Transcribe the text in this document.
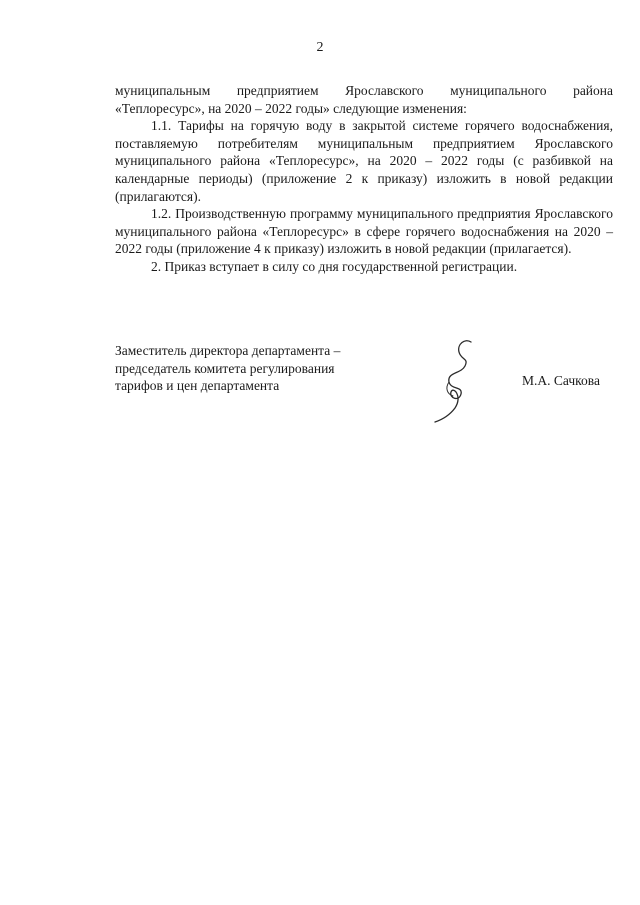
2

муниципальным предприятием Ярославского муниципального района «Теплоресурс», на 2020 – 2022 годы» следующие изменения:

1.1. Тарифы на горячую воду в закрытой системе горячего водоснабжения, поставляемую потребителям муниципальным предприятием Ярославского муниципального района «Теплоресурс», на 2020 – 2022 годы (с разбивкой на календарные периоды) (приложение 2 к приказу) изложить в новой редакции (прилагаются).

1.2. Производственную программу муниципального предприятия Ярославского муниципального района «Теплоресурс» в сфере горячего водоснабжения на 2020 – 2022 годы (приложение 4 к приказу) изложить в новой редакции (прилагается).

2. Приказ вступает в силу со дня государственной регистрации.

Заместитель директора департамента –
председатель комитета регулирования
тарифов и цен департамента	М.А. Сачкова
